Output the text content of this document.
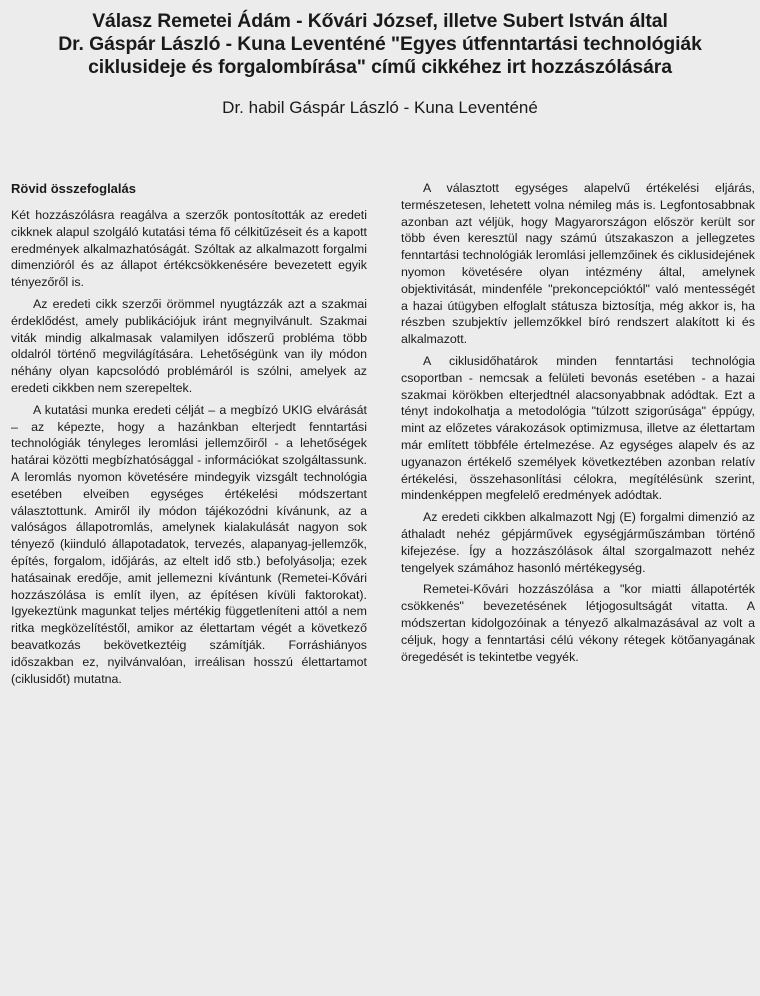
Válasz Remetei Ádám - Kővári József, illetve Subert István által
Dr. Gáspár László - Kuna Leventéné "Egyes útfenntartási technológiák
ciklusideje és forgalombírása" című cikkéhez irt hozzászólására
Dr. habil Gáspár László - Kuna Leventéné
Rövid összefoglalás

Két hozzászólásra reagálva a szerzők pontosították az eredeti cikknek alapul szolgáló kutatási téma fő célkitűzéseit és a kapott eredmények alkalmazhatóságát. Szóltak az alkalmazott forgalmi dimenzióról és az állapot értékcsökkenésére bevezetett egyik tényezőről is.

Az eredeti cikk szerzői örömmel nyugtázzák azt a szakmai érdeklődést, amely publikációjuk iránt megnyilvánult. Szakmai viták mindig alkalmasak valamilyen időszerű probléma több oldalról történő megvilágítására. Lehetőségünk van ily módon néhány olyan kapcsolódó problémáról is szólni, amelyek az eredeti cikkben nem szerepeltek.

A kutatási munka eredeti célját – a megbízó UKIG elvárását – az képezte, hogy a hazánkban elterjedt fenntartási technológiák tényleges leromlási jellemzőiről - a lehetőségek határai közötti megbízhatósággal - információkat szolgáltassunk. A leromlás nyomon követésére mindegyik vizsgált technológia esetében elveiben egységes értékelési módszertant választottunk. Amiről ily módon tájékozódni kívánunk, az a valóságos állapotromlás, amelynek kialakulását nagyon sok tényező (kiinduló állapotadatok, tervezés, alapanyag-jellemzők, építés, forgalom, időjárás, az eltelt idő stb.) befolyásolja; ezek hatásainak eredője, amit jellemezni kívántunk (Remetei-Kővári hozzászólása is említ ilyen, az építésen kívüli faktorokat). Igyekeztünk magunkat teljes mértékig függetleníteni attól a nem ritka megközelítéstől, amikor az élettartam végét a következő beavatkozás bekövetkeztéig számítják. Forráshiányos időszakban ez, nyilvánvalóan, irreálisan hosszú élettartamot (ciklusidőt) mutatna.

A választott egységes alapelvű értékelési eljárás, természetesen, lehetett volna némileg más is. Legfontosabbnak azonban azt véljük, hogy Magyarországon először került sor több éven keresztül nagy számú útszakaszon a jellegzetes fenntartási technológiák leromlási jellemzőinek és ciklusidejének nyomon követésére olyan intézmény által, amelynek objektivitását, mindenféle "prekoncepcióktól" való mentességét a hazai útügyben elfoglalt státusza biztosítja, még akkor is, ha részben szubjektív jellemzőkkel bíró rendszert alakított ki és alkalmazott.

A ciklusidőhatárok minden fenntartási technológia csoportban - nemcsak a felületi bevonás esetében - a hazai szakmai körökben elterjedtnél alacsonyabbnak adódtak. Ezt a tényt indokolhatja a metodológia "túlzott szigorúsága" éppúgy, mint az előzetes várakozások optimizmusa, illetve az élettartam már említett többféle értelmezése. Az egységes alapelv és az ugyanazon értékelő személyek következtében azonban relatív értékelési, összehasonlítási célokra, megítélésünk szerint, mindenképpen megfelelő eredmények adódtak.

Az eredeti cikkben alkalmazott Ngj (E) forgalmi dimenzió az áthaladt nehéz gépjárművek egységjárműszámban történő kifejezése. Így a hozzászólások által szorgalmazott nehéz tengelyek számához hasonló mértékegység.

Remetei-Kővári hozzászólása a "kor miatti állapotérték csökkenés" bevezetésének létjogosultságát vitatta. A módszertan kidolgozóinak a tényező alkalmazásával az volt a céljuk, hogy a fenntartási célú vékony rétegek kötőanyagának öregedését is tekintetbe vegyék.
